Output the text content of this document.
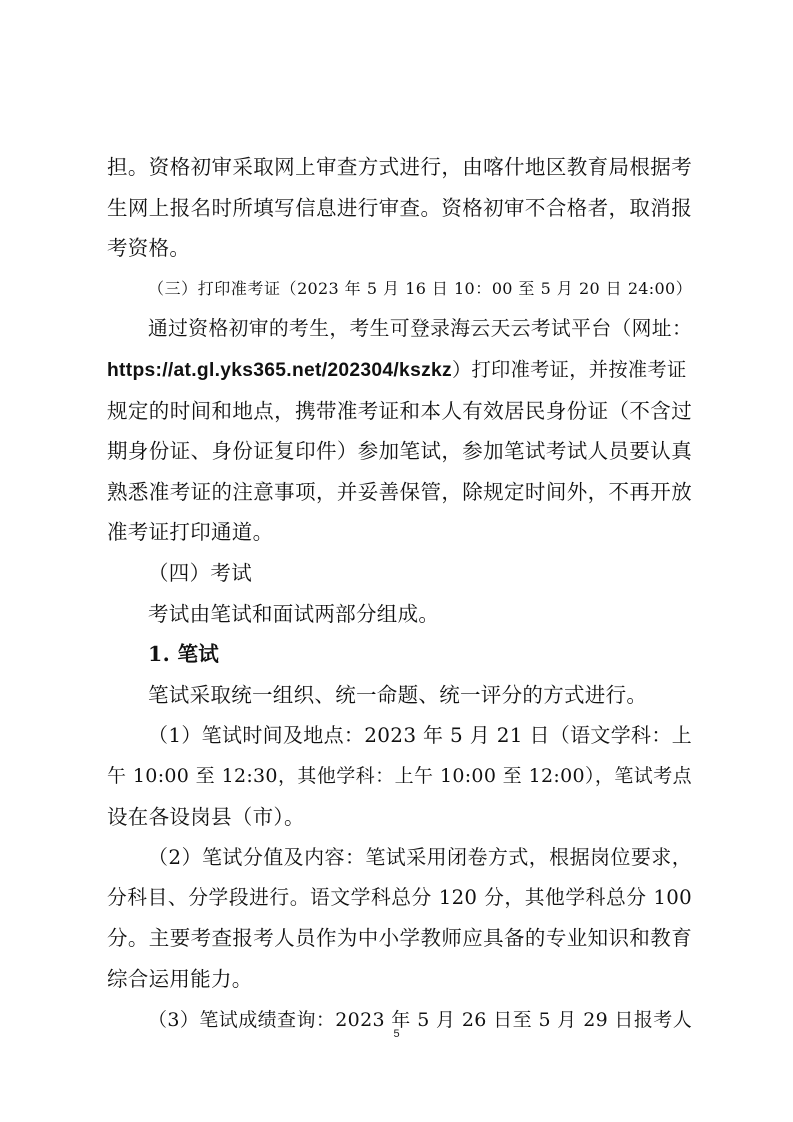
担。资格初审采取网上审查方式进行，由喀什地区教育局根据考
生网上报名时所填写信息进行审查。资格初审不合格者，取消报
考资格。
（三）打印准考证（2023 年 5 月 16 日 10：00 至 5 月 20 日 24:00）
通过资格初审的考生，考生可登录海云天云考试平台（网址：
https://at.gl.yks365.net/202304/kszkz）打印准考证，并按准考证
规定的时间和地点，携带准考证和本人有效居民身份证（不含过
期身份证、身份证复印件）参加笔试，参加笔试考试人员要认真
熟悉准考证的注意事项，并妥善保管，除规定时间外，不再开放
准考证打印通道。
（四）考试
考试由笔试和面试两部分组成。
1. 笔试
笔试采取统一组织、统一命题、统一评分的方式进行。
（1）笔试时间及地点：2023 年 5 月 21 日（语文学科：上
午 10:00 至 12:30，其他学科：上午 10:00 至 12:00），笔试考点
设在各设岗县（市）。
（2）笔试分值及内容：笔试采用闭卷方式，根据岗位要求，
分科目、分学段进行。语文学科总分 120 分，其他学科总分 100
分。主要考查报考人员作为中小学教师应具备的专业知识和教育
综合运用能力。
（3）笔试成绩查询：2023 年 5 月 26 日至 5 月 29 日报考人
5
